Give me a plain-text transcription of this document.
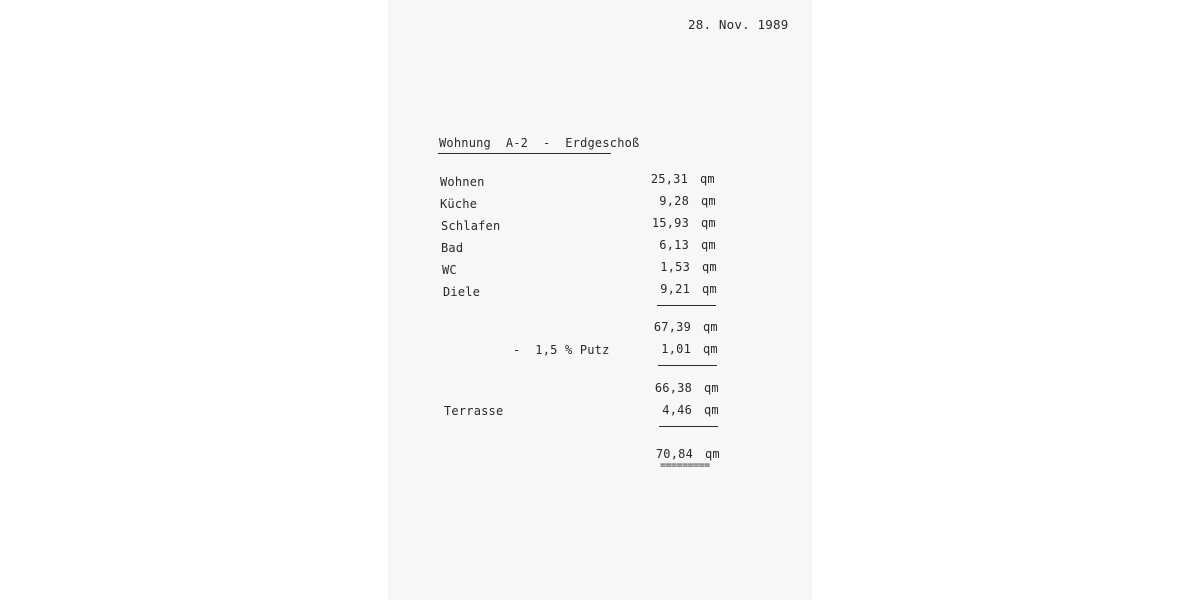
28. Nov. 1989
Wohnung  A-2  -  Erdgeschoß
Wohnen	25,31 qm
Küche	9,28 qm
Schlafen	15,93 qm
Bad	6,13 qm
WC	1,53 qm
Diele	9,21 qm
67,39 qm
-  1,5 % Putz	1,01 qm
66,38 qm
Terrasse	4,46 qm
70,84 qm
=========
